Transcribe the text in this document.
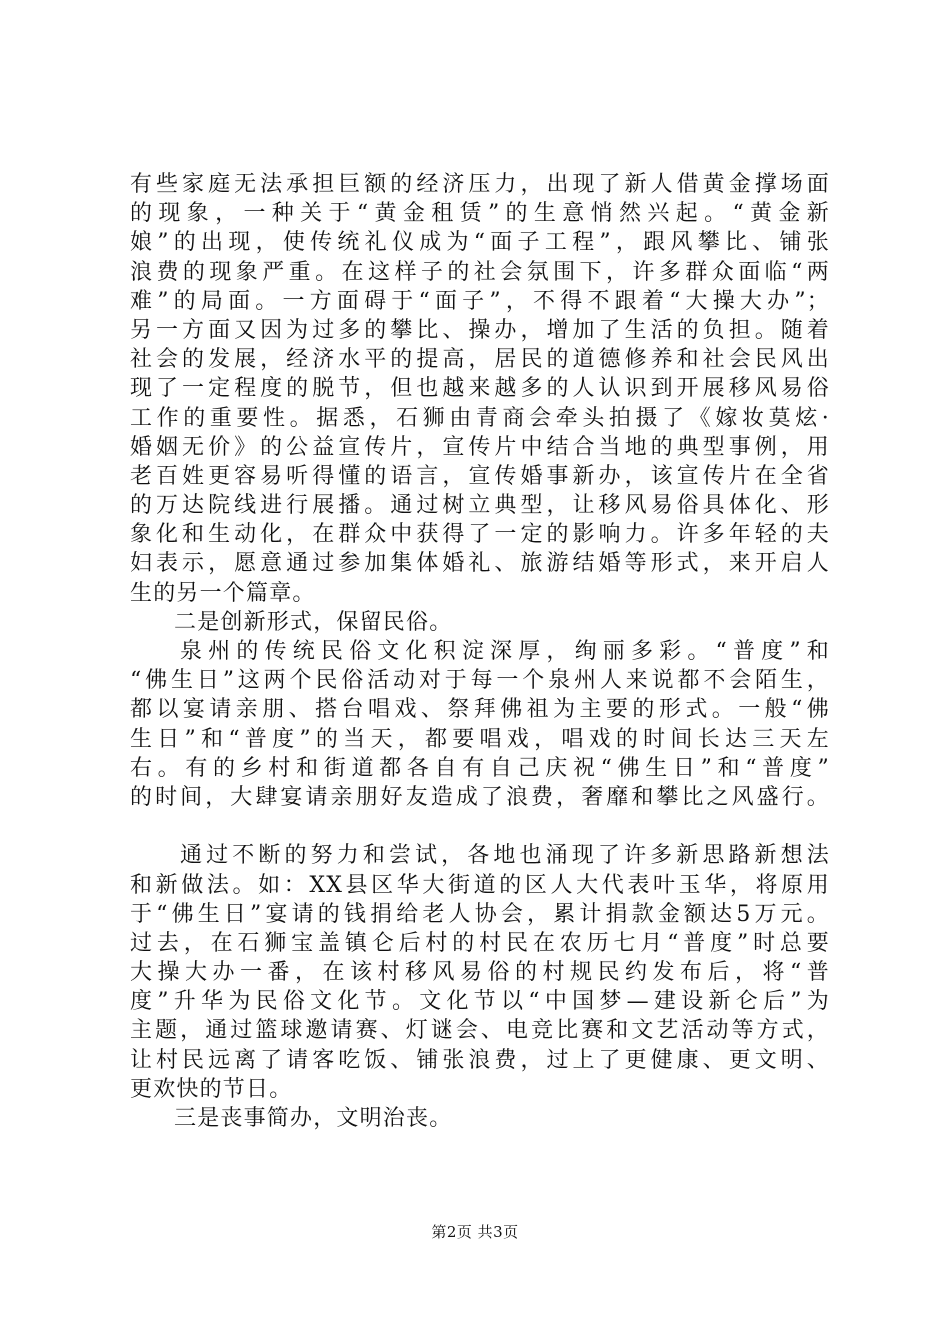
有些家庭无法承担巨额的经济压力，出现了新人借黄金撑场面
的现象，一种关于“黄金租赁”的生意悄然兴起。“黄金新
娘”的出现，使传统礼仪成为“面子工程”，跟风攀比、铺张
浪费的现象严重。在这样子的社会氛围下，许多群众面临“两
难”的局面。一方面碍于“面子”，不得不跟着“大操大办”；
另一方面又因为过多的攀比、操办，增加了生活的负担。随着
社会的发展，经济水平的提高，居民的道德修养和社会民风出
现了一定程度的脱节，但也越来越多的人认识到开展移风易俗
工作的重要性。据悉，石狮由青商会牵头拍摄了《嫁妆莫炫·
婚姻无价》的公益宣传片，宣传片中结合当地的典型事例，用
老百姓更容易听得懂的语言，宣传婚事新办，该宣传片在全省
的万达院线进行展播。通过树立典型，让移风易俗具体化、形
象化和生动化，在群众中获得了一定的影响力。许多年轻的夫
妇表示，愿意通过参加集体婚礼、旅游结婚等形式，来开启人
生的另一个篇章。
二是创新形式，保留民俗。
泉州的传统民俗文化积淀深厚，绚丽多彩。“普度”和
“佛生日”这两个民俗活动对于每一个泉州人来说都不会陌生，
都以宴请亲朋、搭台唱戏、祭拜佛祖为主要的形式。一般“佛
生日”和“普度”的当天，都要唱戏，唱戏的时间长达三天左
右。有的乡村和街道都各自有自己庆祝“佛生日”和“普度”
的时间，大肆宴请亲朋好友造成了浪费，奢靡和攀比之风盛行。
通过不断的努力和尝试，各地也涌现了许多新思路新想法
和新做法。如：XX县区华大街道的区人大代表叶玉华，将原用
于“佛生日”宴请的钱捐给老人协会，累计捐款金额达5万元。
过去，在石狮宝盖镇仑后村的村民在农历七月“普度”时总要
大操大办一番，在该村移风易俗的村规民约发布后，将“普
度”升华为民俗文化节。文化节以“中国梦—建设新仑后”为
主题，通过篮球邀请赛、灯谜会、电竞比赛和文艺活动等方式，
让村民远离了请客吃饭、铺张浪费，过上了更健康、更文明、
更欢快的节日。
三是丧事简办，文明治丧。
第2页 共3页
